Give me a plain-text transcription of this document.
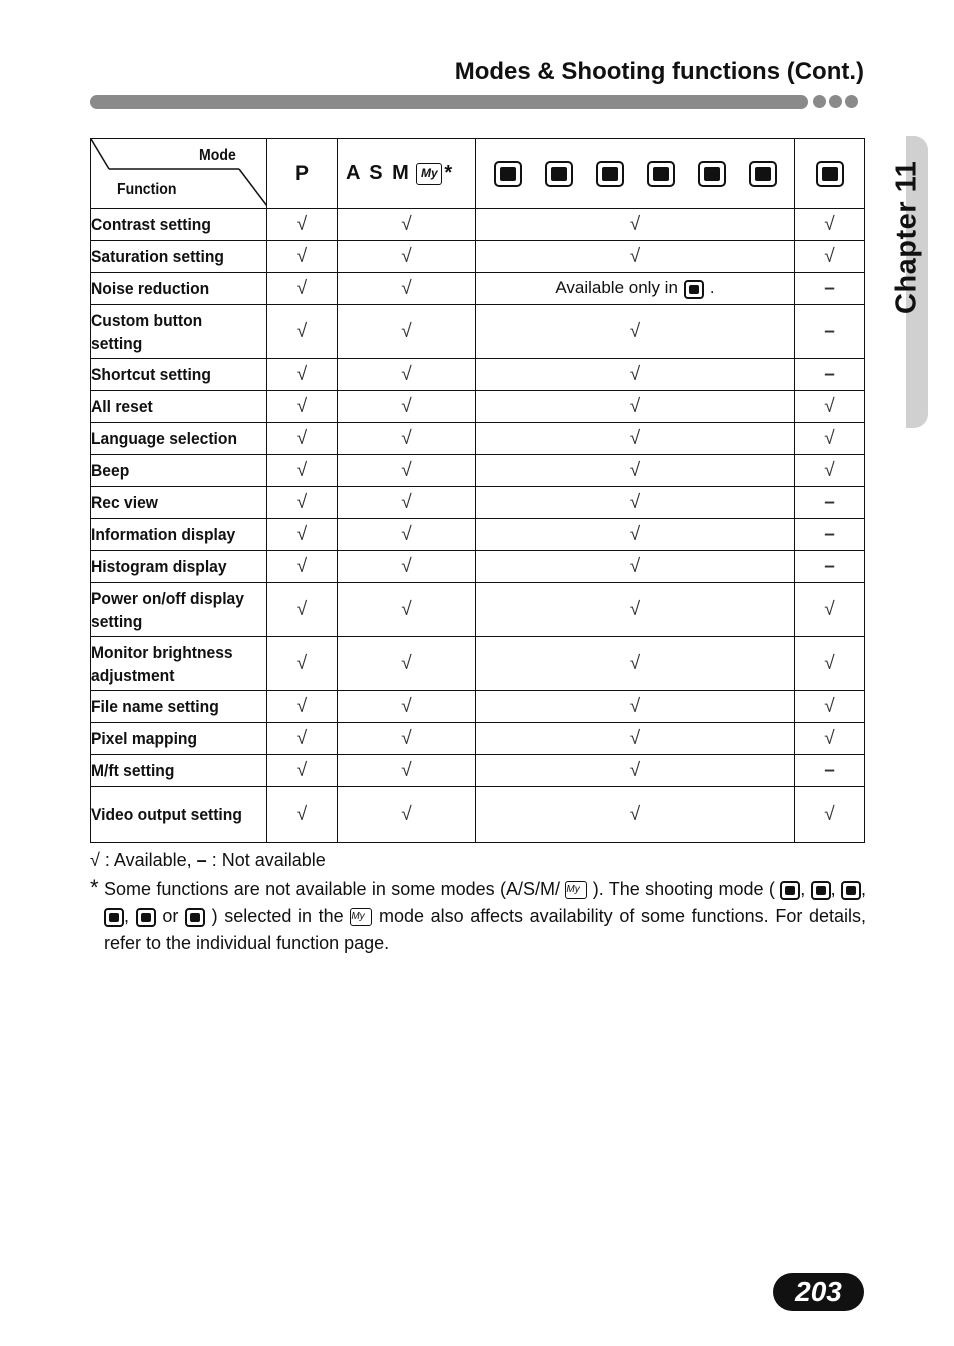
Modes & Shooting functions (Cont.)
Chapter 11
Mode
Function	P	A S M My *	

Contrast setting	√	√	√	√
Saturation setting	√	√	√	√
Noise reduction	√	√	Available only in .	–
Custom button setting	√	√	√	–
Shortcut setting	√	√	√	–
All reset	√	√	√	√
Language selection	√	√	√	√
Beep	√	√	√	√
Rec view	√	√	√	–
Information display	√	√	√	–
Histogram display	√	√	√	–
Power on/off display setting	√	√	√	√
Monitor brightness adjustment	√	√	√	√
File name setting	√	√	√	√
Pixel mapping	√	√	√	√
M/ft setting	√	√	√	–
Video output setting	√	√	√	√
√ : Available, – : Not available
* Some functions are not available in some modes (A/S/M/ My ). The shooting mode ( , , , , or ) selected in the My mode also affects availability of some functions. For details, refer to the individual function page.
203
